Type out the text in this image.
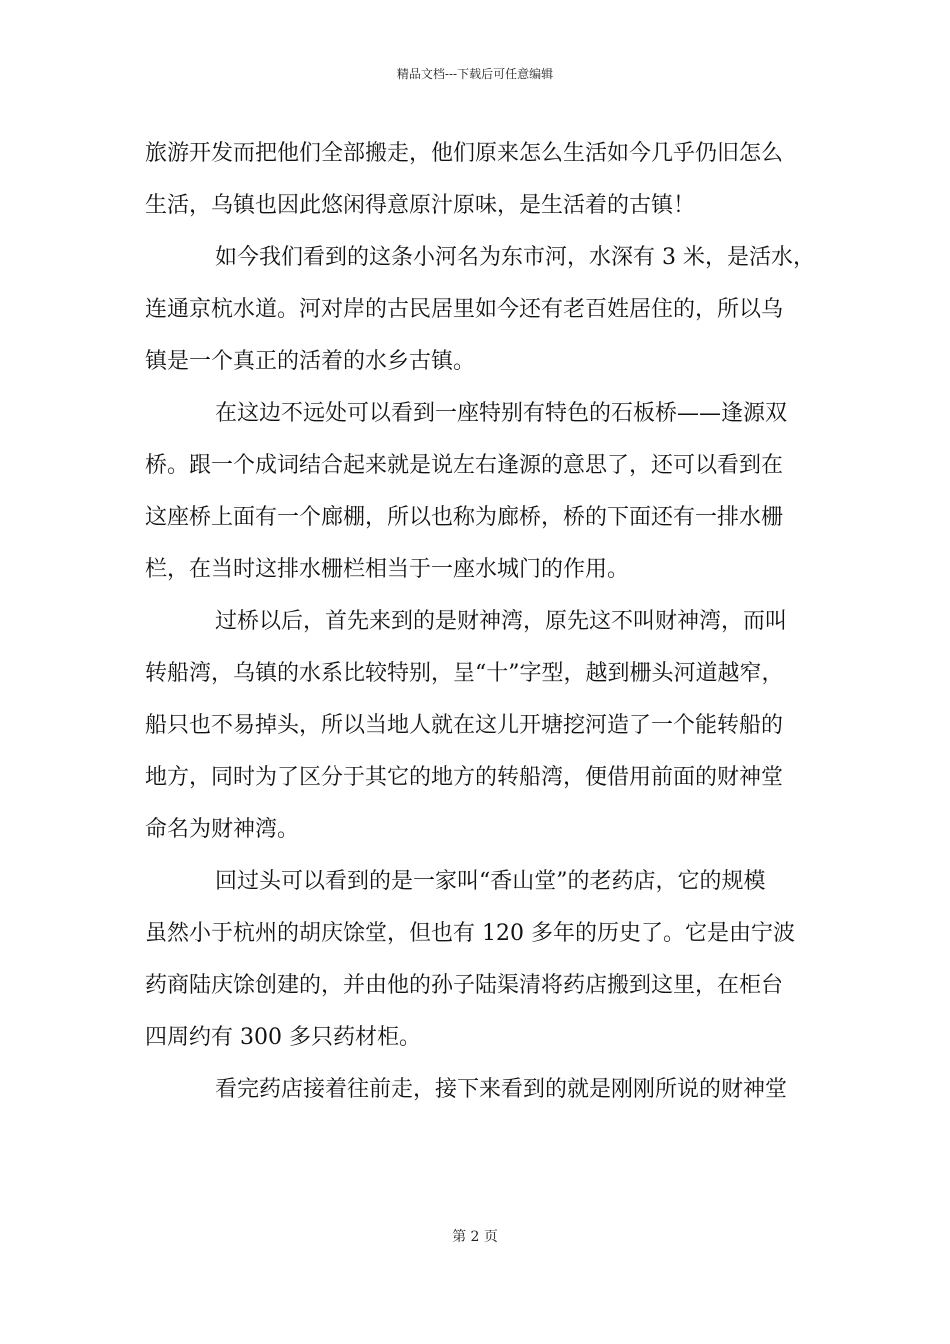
精品文档---下载后可任意编辑

旅游开发而把他们全部搬走，他们原来怎么生活如今几乎仍旧怎么
生活，乌镇也因此悠闲得意原汁原味，是生活着的古镇！

如今我们看到的这条小河名为东市河，水深有 3 米，是活水，
连通京杭水道。河对岸的古民居里如今还有老百姓居住的，所以乌
镇是一个真正的活着的水乡古镇。

在这边不远处可以看到一座特别有特色的石板桥——逢源双
桥。跟一个成词结合起来就是说左右逢源的意思了，还可以看到在
这座桥上面有一个廊棚，所以也称为廊桥，桥的下面还有一排水栅
栏，在当时这排水栅栏相当于一座水城门的作用。

过桥以后，首先来到的是财神湾，原先这不叫财神湾，而叫
转船湾，乌镇的水系比较特别，呈“十”字型，越到栅头河道越窄，
船只也不易掉头，所以当地人就在这儿开塘挖河造了一个能转船的
地方，同时为了区分于其它的地方的转船湾，便借用前面的财神堂
命名为财神湾。

回过头可以看到的是一家叫“香山堂”的老药店，它的规模
虽然小于杭州的胡庆馀堂，但也有 120 多年的历史了。它是由宁波
药商陆庆馀创建的，并由他的孙子陆渠清将药店搬到这里，在柜台
四周约有 300 多只药材柜。

看完药店接着往前走，接下来看到的就是刚刚所说的财神堂

第 2 页
